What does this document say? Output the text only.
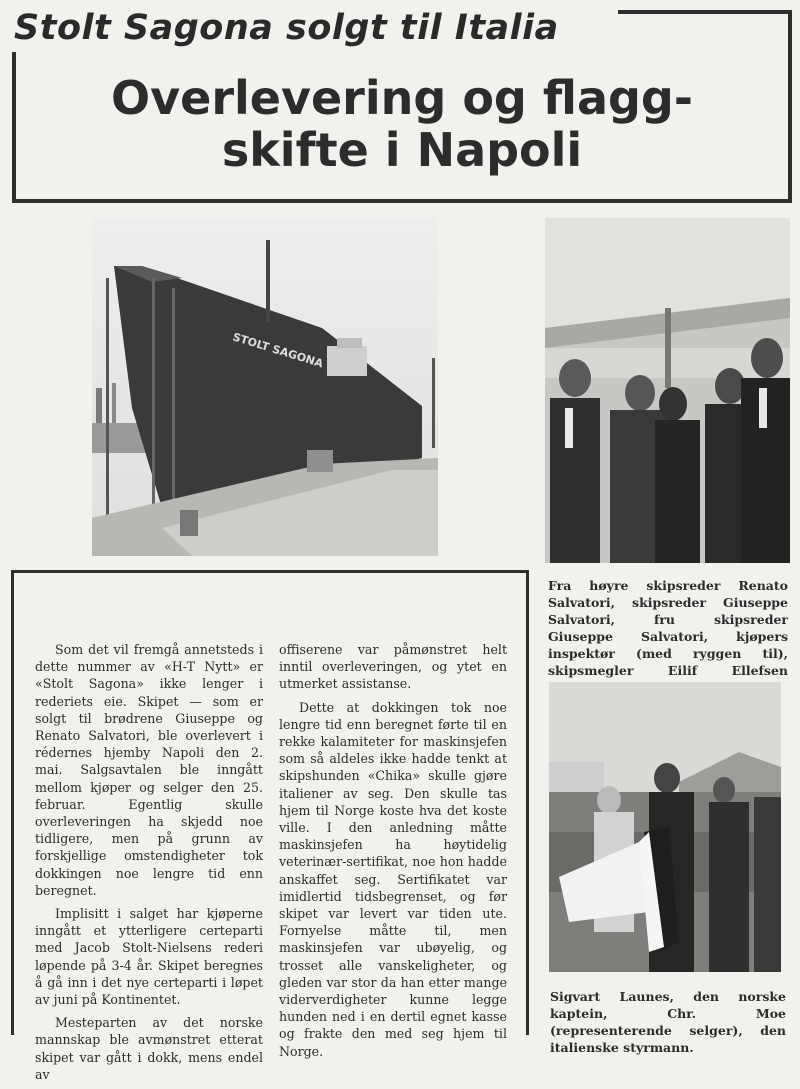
Stolt Sagona solgt til Italia
Overlevering og flagg-
skifte i Napoli
STOLT SAGONA
Fra høyre skipsreder Renato Salvatori, skipsreder Giuseppe Salvatori, fru skipsreder Giuseppe Salvatori, kjøpers inspektør (med ryggen til), skipsmegler Eilif Ellefsen
Sigvart Launes, den norske kaptein, Chr. Moe (representerende selger), den italienske styrmann.

Som det vil fremgå annetsteds i dette nummer av «H-T Nytt» er «Stolt Sagona» ikke lenger i rederiets eie. Skipet — som er solgt til brødrene Giuseppe og Renato Salvatori, ble overlevert i rédernes hjemby Napoli den 2. mai. Salgsavtalen ble inngått mellom kjøper og selger den 25. februar. Egentlig skulle overleveringen ha skjedd noe tidligere, men på grunn av forskjellige omstendigheter tok dokkingen noe lengre tid enn beregnet.

Implisitt i salget har kjøperne inngått et ytterligere certeparti med Jacob Stolt-Nielsens rederi løpende på 3-4 år. Skipet beregnes å gå inn i det nye certeparti i løpet av juni på Kontinentet.

Mesteparten av det norske mannskap ble avmønstret etterat skipet var gått i dokk, mens endel av

offiserene var påmønstret helt inntil overleveringen, og ytet en utmerket assistanse.

Dette at dokkingen tok noe lengre tid enn beregnet førte til en rekke kalamiteter for maskinsjefen som så aldeles ikke hadde tenkt at skipshunden «Chika» skulle gjøre italiener av seg. Den skulle tas hjem til Norge koste hva det koste ville. I den anledning måtte maskinsjefen ha høytidelig veterinær-sertifikat, noe hon hadde anskaffet seg. Sertifikatet var imidlertid tidsbegrenset, og før skipet var levert var tiden ute. Fornyelse måtte til, men maskinsjefen var ubøyelig, og trosset alle vanskeligheter, og gleden var stor da han etter mange viderverdigheter kunne legge hunden ned i en dertil egnet kasse og frakte den med seg hjem til Norge.
